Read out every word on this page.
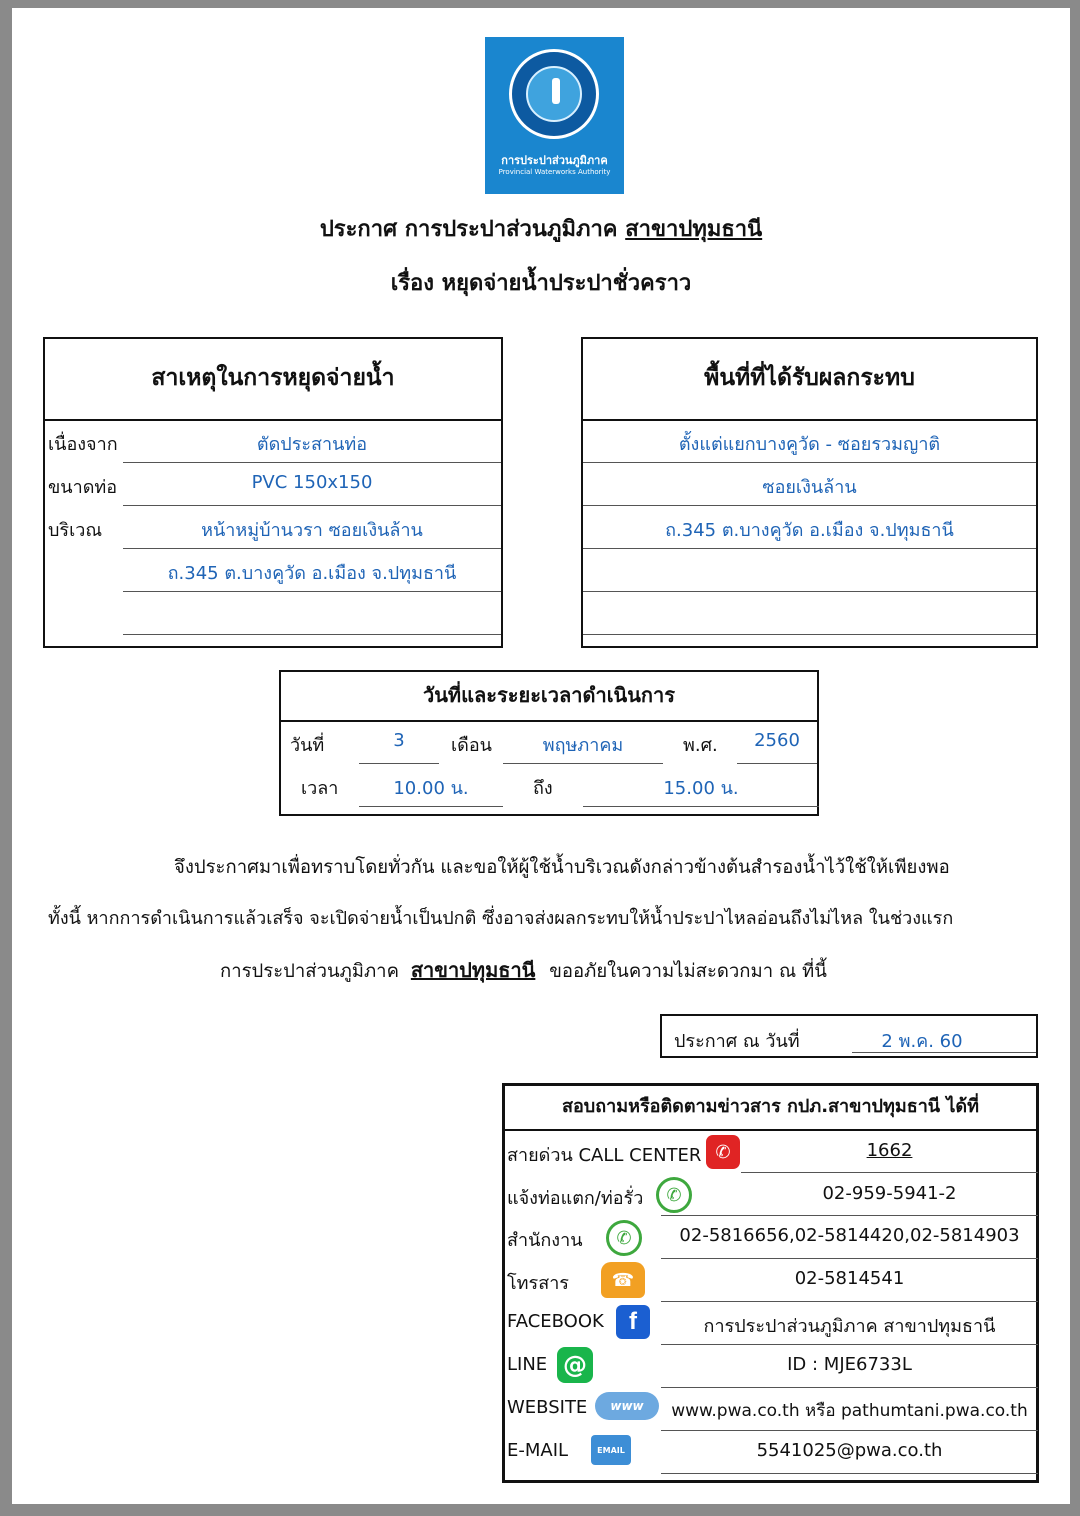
การประปาส่วนภูมิภาค
Provincial Waterworks Authority
ประกาศ การประปาส่วนภูมิภาค สาขาปทุมธานี
เรื่อง หยุดจ่ายน้ำประปาชั่วคราว
สาเหตุในการหยุดจ่ายน้ำ
เนื่องจาก	ตัดประสานท่อ
ขนาดท่อ	PVC 150x150
บริเวณ	หน้าหมู่บ้านวรา ซอยเงินล้าน
ถ.345 ต.บางคูวัด อ.เมือง จ.ปทุมธานี
พื้นที่ที่ได้รับผลกระทบ
ตั้งแต่แยกบางคูวัด - ซอยรวมญาติ
ซอยเงินล้าน
ถ.345 ต.บางคูวัด อ.เมือง จ.ปทุมธานี
วันที่และระยะเวลาดำเนินการ
วันที่	3	เดือน	พฤษภาคม	พ.ศ.	2560
เวลา	10.00 น.	ถึง	15.00 น.
จึงประกาศมาเพื่อทราบโดยทั่วกัน และขอให้ผู้ใช้น้ำบริเวณดังกล่าวข้างต้นสำรองน้ำไว้ใช้ให้เพียงพอ
ทั้งนี้ หากการดำเนินการแล้วเสร็จ จะเปิดจ่ายน้ำเป็นปกติ ซึ่งอาจส่งผลกระทบให้น้ำประปาไหลอ่อนถึงไม่ไหล ในช่วงแรก
การประปาส่วนภูมิภาค สาขาปทุมธานี ขออภัยในความไม่สะดวกมา ณ ที่นี้
ประกาศ ณ วันที่	2 พ.ค. 60
สอบถามหรือติดตามข่าวสาร กปภ.สาขาปทุมธานี ได้ที่
สายด่วน CALL CENTER ✆	1662
แจ้งท่อแตก/ท่อรั่ว	✆	02-959-5941-2
สำนักงาน	✆	02-5816656,02-5814420,02-5814903
โทรสาร	☎	02-5814541
FACEBOOK	f	การประปาส่วนภูมิภาค สาขาปทุมธานี
LINE @	ID : MJE6733L
WEBSITE	www	www.pwa.co.th หรือ pathumtani.pwa.co.th
E-MAIL	EMAIL	5541025@pwa.co.th
